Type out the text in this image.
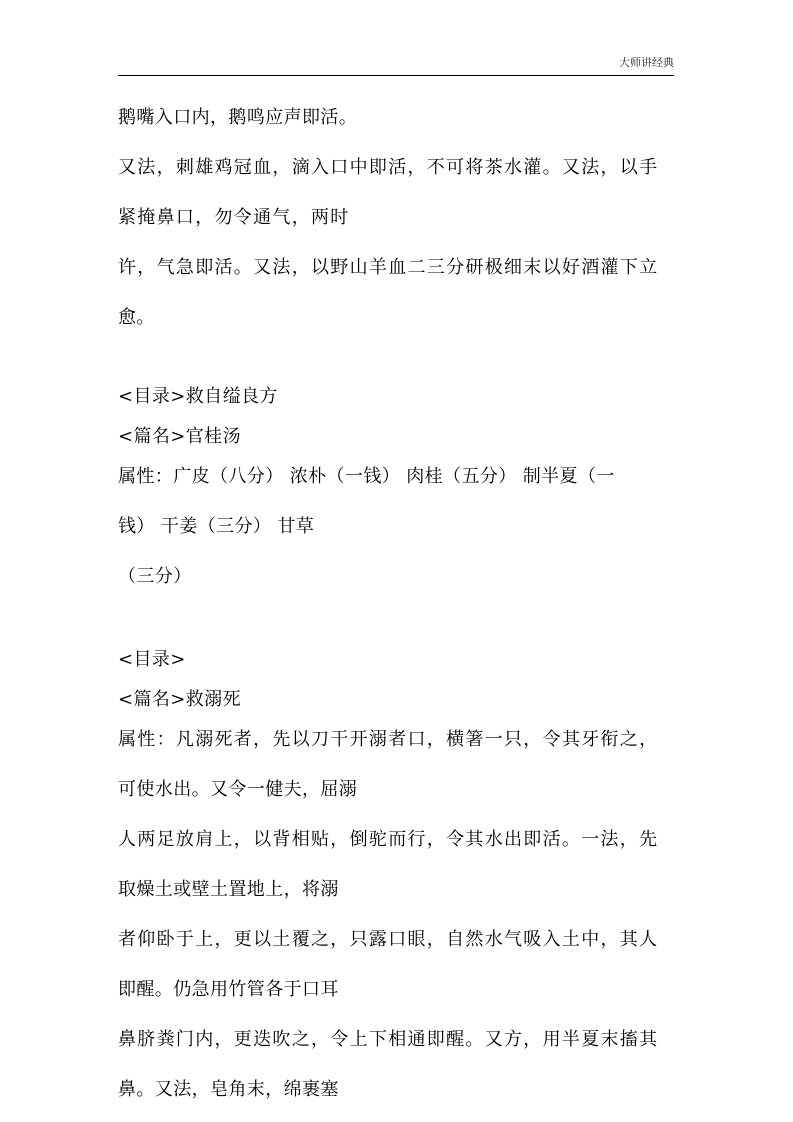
大师讲经典
鹅嘴入口内，鹅鸣应声即活。
又法，刺雄鸡冠血，滴入口中即活，不可将茶水灌。又法，以手
紧掩鼻口，勿令通气，两时
许，气急即活。又法，以野山羊血二三分研极细末以好酒灌下立
愈。
<目录>救自缢良方
<篇名>官桂汤
属性：广皮（八分） 浓朴（一钱） 肉桂（五分） 制半夏（一
钱） 干姜（三分） 甘草
（三分）
<目录>
<篇名>救溺死
属性：凡溺死者，先以刀干开溺者口，横箸一只，令其牙衔之，
可使水出。又令一健夫，屈溺
人两足放肩上，以背相贴，倒驼而行，令其水出即活。一法，先
取燥土或壁土置地上，将溺
者仰卧于上，更以土覆之，只露口眼，自然水气吸入土中，其人
即醒。仍急用竹管各于口耳
鼻脐粪门内，更迭吹之，令上下相通即醒。又方，用半夏末搐其
鼻。又法，皂角末，绵裹塞
